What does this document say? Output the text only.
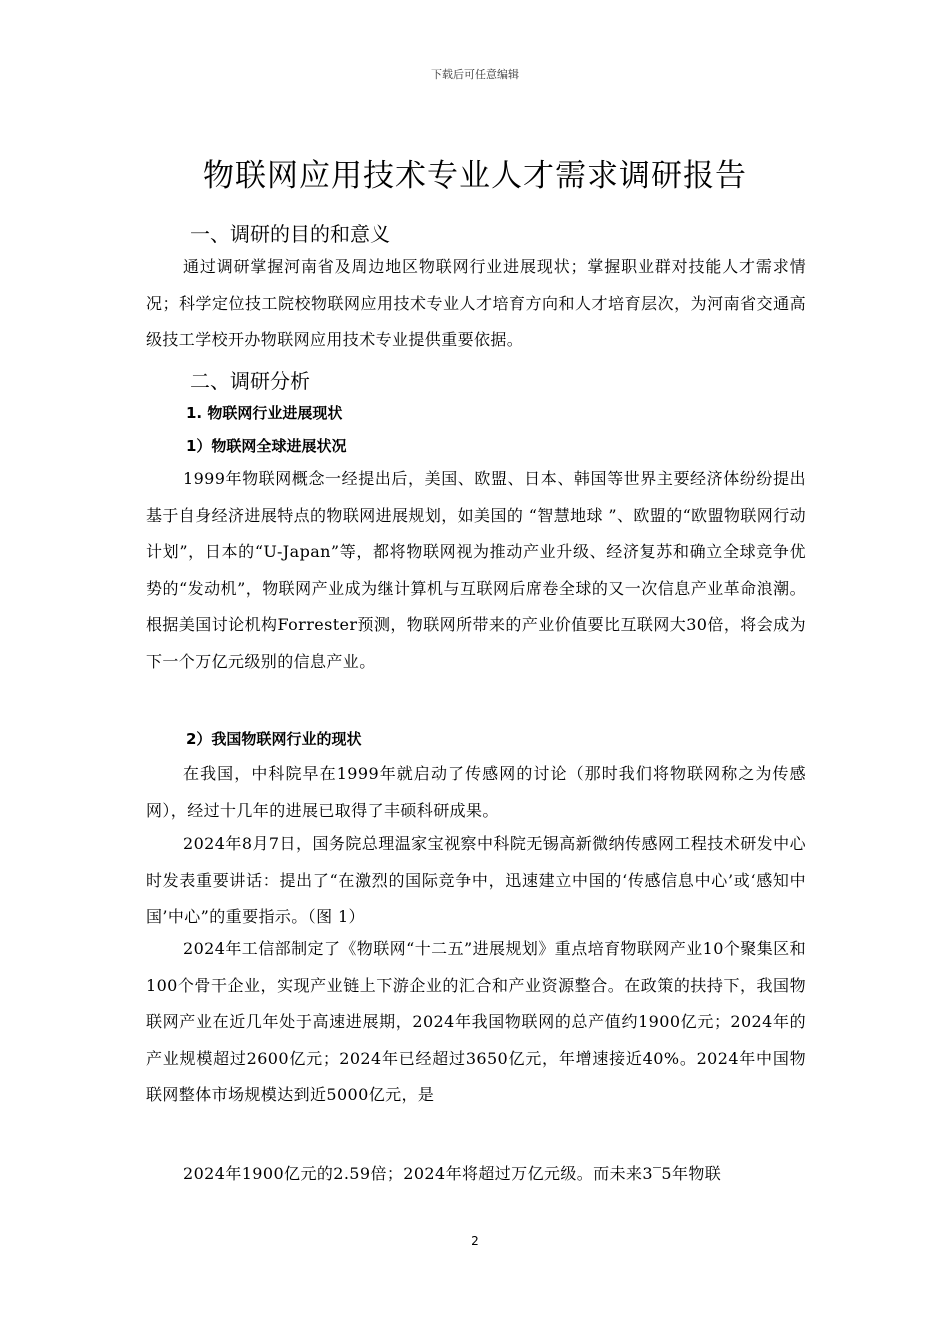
下载后可任意编辑
物联网应用技术专业人才需求调研报告
一、调研的目的和意义

通过调研掌握河南省及周边地区物联网行业进展现状；掌握职业群对技能人才需求情况；科学定位技工院校物联网应用技术专业人才培育方向和人才培育层次，为河南省交通高级技工学校开办物联网应用技术专业提供重要依据。

二、调研分析
1. 物联网行业进展现状
1）物联网全球进展状况

1999年物联网概念一经提出后，美国、欧盟、日本、韩国等世界主要经济体纷纷提出基于自身经济进展特点的物联网进展规划，如美国的 “智慧地球 ”、欧盟的“欧盟物联网行动计划”，日本的“U-Japan”等，都将物联网视为推动产业升级、经济复苏和确立全球竞争优势的“发动机”，物联网产业成为继计算机与互联网后席卷全球的又一次信息产业革命浪潮。根据美国讨论机构Forrester预测，物联网所带来的产业价值要比互联网大30倍，将会成为下一个万亿元级别的信息产业。

2）我国物联网行业的现状

在我国，中科院早在1999年就启动了传感网的讨论（那时我们将物联网称之为传感网），经过十几年的进展已取得了丰硕科研成果。

2024年8月7日，国务院总理温家宝视察中科院无锡高新微纳传感网工程技术研发中心时发表重要讲话：提出了“在激烈的国际竞争中，迅速建立中国的‘传感信息中心’或‘感知中国’中心”的重要指示。（图 1）

2024年工信部制定了《物联网“十二五”进展规划》重点培育物联网产业10个聚集区和100个骨干企业，实现产业链上下游企业的汇合和产业资源整合。在政策的扶持下，我国物联网产业在近几年处于高速进展期，2024年我国物联网的总产值约1900亿元；2024年的产业规模超过2600亿元；2024年已经超过3650亿元，年增速接近40%。2024年中国物联网整体市场规模达到近5000亿元，是

2024年1900亿元的2.59倍；2024年将超过万亿元级。而未来3‾5年物联

2
